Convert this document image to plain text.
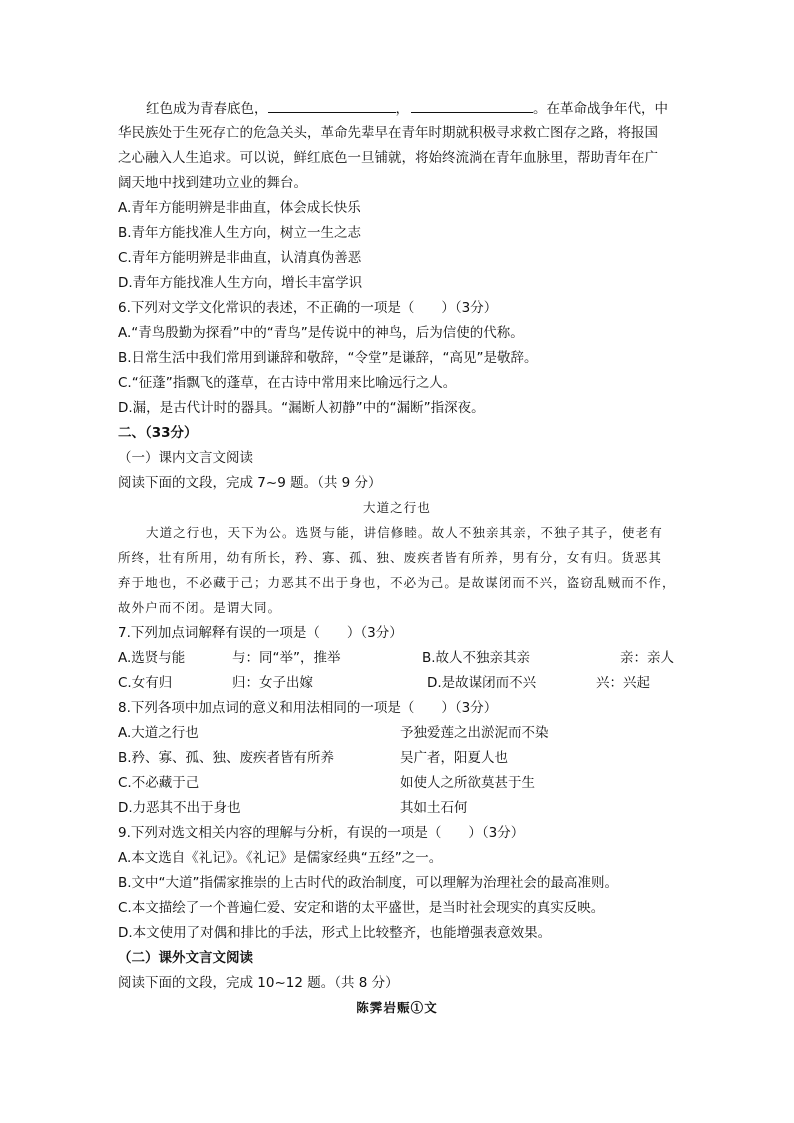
红色成为青春底色，	，	。在革命战争年代，中
华民族处于生死存亡的危急关头，革命先辈早在青年时期就积极寻求救亡图存之路，将报国
之心融入人生追求。可以说，鲜红底色一旦铺就，将始终流淌在青年血脉里，帮助青年在广
阔天地中找到建功立业的舞台。
A.青年方能明辨是非曲直，体会成长快乐
B.青年方能找准人生方向，树立一生之志
C.青年方能明辨是非曲直，认清真伪善恶
D.青年方能找准人生方向，增长丰富学识
6.下列对文学文化常识的表述，不正确的一项是（　　）（3分）
A.“青鸟殷勤为探看”中的“青鸟”是传说中的神鸟，后为信使的代称。
B.日常生活中我们常用到谦辞和敬辞，“令堂”是谦辞，“高见”是敬辞。
C.“征蓬”指飘飞的蓬草，在古诗中常用来比喻远行之人。
D.漏，是古代计时的器具。“漏断人初静”中的“漏断”指深夜。
二、（33分）
（一）课内文言文阅读
阅读下面的文段，完成 7~9 题。（共 9 分）
大道之行也
大道之行也，天下为公。选贤与能，讲信修睦。故人不独亲其亲，不独子其子，使老有
所终，壮有所用，幼有所长，矜、寡、孤、独、废疾者皆有所养，男有分，女有归。货恶其
弃于地也，不必藏于己；力恶其不出于身也，不必为己。是故谋闭而不兴，盗窃乱贼而不作，
故外户而不闭。是谓大同。
7.下列加点词解释有误的一项是（　　）（3分）
A.选贤与能	与：同“举”，推举	B.故人不独亲其亲	亲：亲人
C.女有归	归：女子出嫁	D.是故谋闭而不兴	兴：兴起
8.下列各项中加点词的意义和用法相同的一项是（　　）（3分）
A.大道之行也	予独爱莲之出淤泥而不染
B.矜、寡、孤、独、废疾者皆有所养	吴广者，阳夏人也
C.不必藏于己	如使人之所欲莫甚于生
D.力恶其不出于身也	其如土石何
9.下列对选文相关内容的理解与分析，有误的一项是（　　）（3分）
A.本文选自《礼记》。《礼记》是儒家经典“五经”之一。
B.文中“大道”指儒家推崇的上古时代的政治制度，可以理解为治理社会的最高准则。
C.本文描绘了一个普遍仁爱、安定和谐的太平盛世，是当时社会现实的真实反映。
D.本文使用了对偶和排比的手法，形式上比较整齐，也能增强表意效果。
（二）课外文言文阅读
阅读下面的文段，完成 10~12 题。（共 8 分）
陈霁岩赈①文
